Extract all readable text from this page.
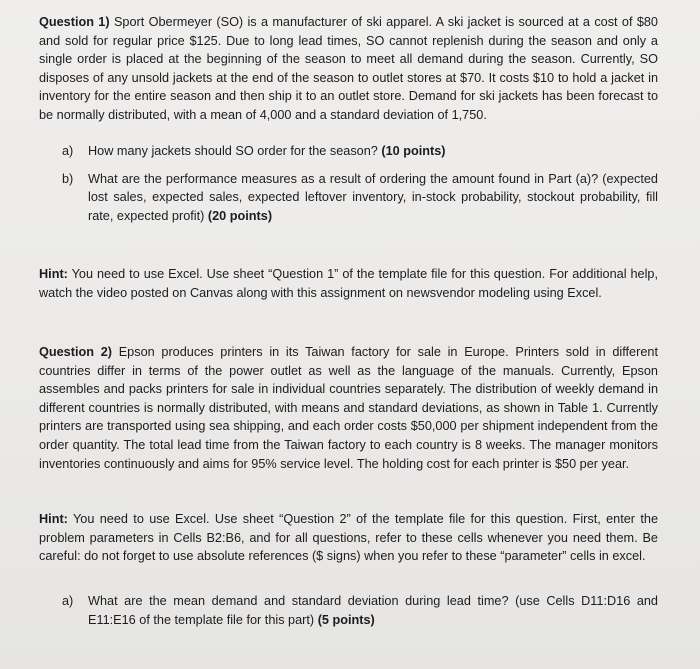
Question 1) Sport Obermeyer (SO) is a manufacturer of ski apparel. A ski jacket is sourced at a cost of $80 and sold for regular price $125. Due to long lead times, SO cannot replenish during the season and only a single order is placed at the beginning of the season to meet all demand during the season. Currently, SO disposes of any unsold jackets at the end of the season to outlet stores at $70. It costs $10 to hold a jacket in inventory for the entire season and then ship it to an outlet store. Demand for ski jackets has been forecast to be normally distributed, with a mean of 4,000 and a standard deviation of 1,750.

a)	How many jackets should SO order for the season? (10 points)
b)	What are the performance measures as a result of ordering the amount found in Part (a)? (expected lost sales, expected sales, expected leftover inventory, in-stock probability, stockout probability, fill rate, expected profit) (20 points)

Hint: You need to use Excel. Use sheet “Question 1” of the template file for this question. For additional help, watch the video posted on Canvas along with this assignment on newsvendor modeling using Excel.

Question 2) Epson produces printers in its Taiwan factory for sale in Europe. Printers sold in different countries differ in terms of the power outlet as well as the language of the manuals. Currently, Epson assembles and packs printers for sale in individual countries separately. The distribution of weekly demand in different countries is normally distributed, with means and standard deviations, as shown in Table 1. Currently printers are transported using sea shipping, and each order costs $50,000 per shipment independent from the order quantity. The total lead time from the Taiwan factory to each country is 8 weeks. The manager monitors inventories continuously and aims for 95% service level. The holding cost for each printer is $50 per year.

Hint: You need to use Excel. Use sheet “Question 2” of the template file for this question. First, enter the problem parameters in Cells B2:B6, and for all questions, refer to these cells whenever you need them. Be careful: do not forget to use absolute references ($ signs) when you refer to these “parameter” cells in excel.

a)	What are the mean demand and standard deviation during lead time? (use Cells D11:D16 and E11:E16 of the template file for this part) (5 points)
